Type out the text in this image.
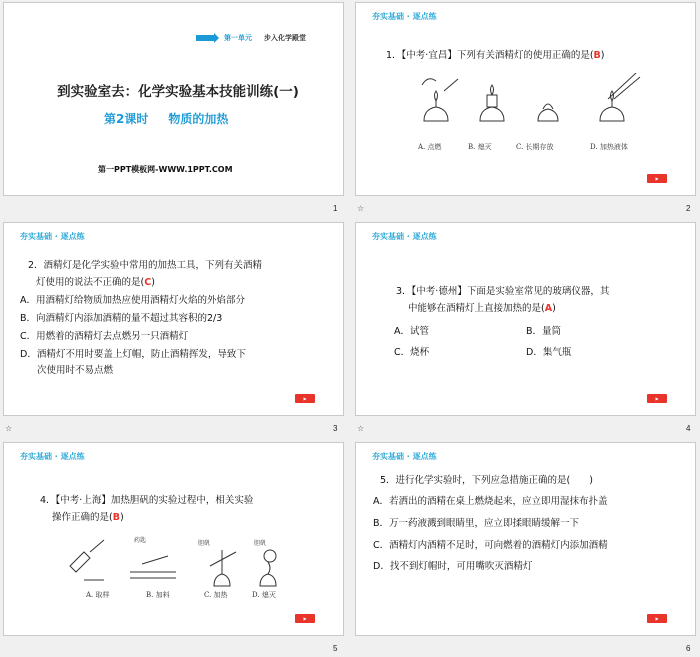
第一单元 步入化学殿堂
到实验室去：化学实验基本技能训练(一)
第2课时 物质的加热
第一PPT模板网-WWW.1PPT.COM
1
夯实基础 · 逐点练
1．【中考·宜昌】下列有关酒精灯的使用正确的是(B)
A. 点燃	B. 熄灭	C. 长期存放	D. 加热液体
▶
☆	2
夯实基础 · 逐点练
2．酒精灯是化学实验中常用的加热工具，下列有关酒精
灯使用的说法不正确的是(C)
A．用酒精灯给物质加热应使用酒精灯火焰的外焰部分
B．向酒精灯内添加酒精的量不超过其容积的2/3
C．用燃着的酒精灯去点燃另一只酒精灯
D．酒精灯不用时要盖上灯帽，防止酒精挥发，导致下
次使用时不易点燃
▶
☆	3
夯实基础 · 逐点练
3．【中考·德州】下面是实验室常见的玻璃仪器，其
中能够在酒精灯上直接加热的是(A)
A．试管	B．量筒
C．烧杯	D．集气瓶
▶
☆	4
夯实基础 · 逐点练
4．【中考·上海】加热胆矾的实验过程中，相关实验
操作正确的是(B)
药匙	胆矾	胆矾
A. 取样	B. 加料	C. 加热	D. 熄灭
▶
5
夯实基础 · 逐点练
5．进行化学实验时，下列应急措施正确的是(　　)
A．若洒出的酒精在桌上燃烧起来，应立即用湿抹布扑盖
B．万一药液溅到眼睛里，应立即揉眼睛缓解一下
C．酒精灯内酒精不足时，可向燃着的酒精灯内添加酒精
D．找不到灯帽时，可用嘴吹灭酒精灯
▶
6
